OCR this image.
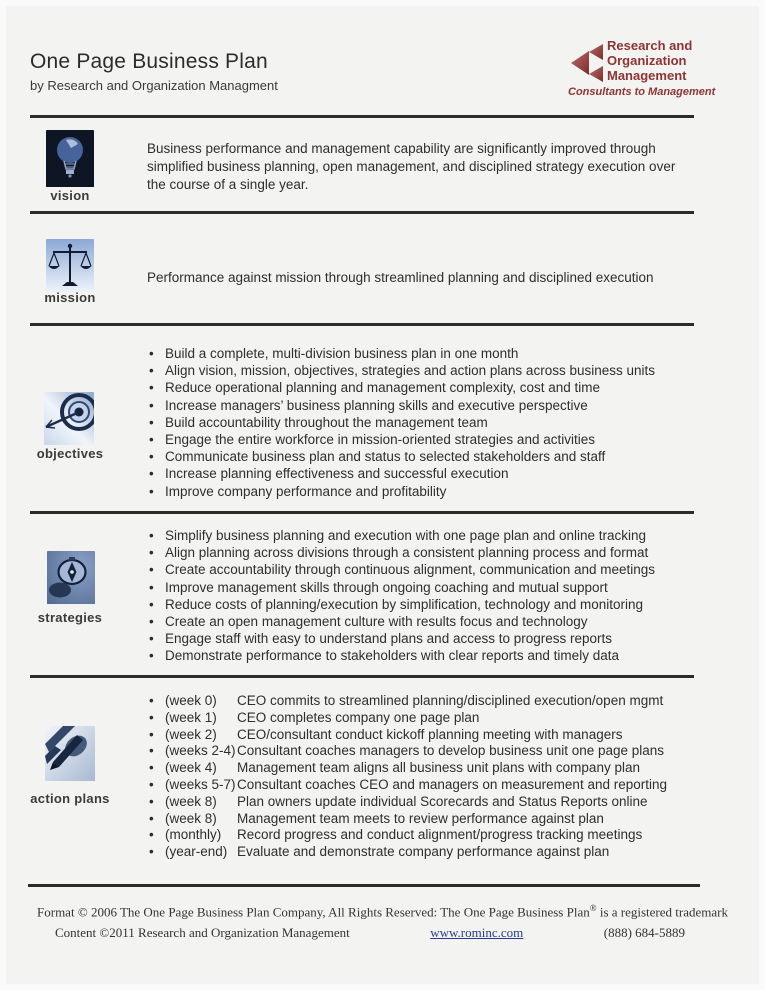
One Page Business Plan
by Research and Organization Managment
Research and
Organization
Management
Consultants to Management
vision
Business performance and management capability are significantly improved through simplified business planning, open management, and disciplined strategy execution over the course of a single year.
mission
Performance against mission through streamlined planning and disciplined execution
• Build a complete, multi-division business plan in one month
• Align vision, mission, objectives, strategies and action plans across business units
• Reduce operational planning and management complexity, cost and time
• Increase managers’ business planning skills and executive perspective
• Build accountability throughout the management team
• Engage the entire workforce in mission-oriented strategies and activities
• Communicate business plan and status to selected stakeholders and staff
• Increase planning effectiveness and successful execution
• Improve company performance and profitability
objectives
• Simplify business planning and execution with one page plan and online tracking
• Align planning across divisions through a consistent planning process and format
• Create accountability through continuous alignment, communication and meetings
• Improve management skills through ongoing coaching and mutual support
• Reduce costs of planning/execution by simplification, technology and monitoring
• Create an open management culture with results focus and technology
• Engage staff with easy to understand plans and access to progress reports
• Demonstrate performance to stakeholders with clear reports and timely data
strategies
• (week 0) CEO commits to streamlined planning/disciplined execution/open mgmt
• (week 1) CEO completes company one page plan
• (week 2) CEO/consultant conduct kickoff planning meeting with managers
• (weeks 2-4)Consultant coaches managers to develop business unit one page plans
• (week 4) Management team aligns all business unit plans with company plan
• (weeks 5-7)Consultant coaches CEO and managers on measurement and reporting
• (week 8) Plan owners update individual Scorecards and Status Reports online
• (week 8) Management team meets to review performance against plan
• (monthly) Record progress and conduct alignment/progress tracking meetings
• (year-end) Evaluate and demonstrate company performance against plan
action plans
Format © 2006 The One Page Business Plan Company, All Rights Reserved: The One Page Business Plan® is a registered trademark
Content ©2011 Research and Organization Management	www.rominc.com	(888) 684-5889
